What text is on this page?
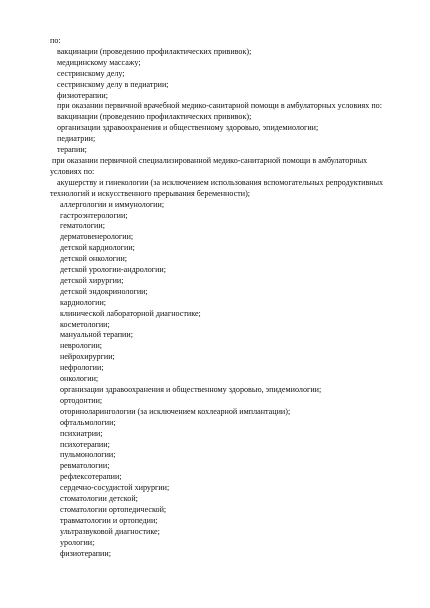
по:

вакцинации (проведению профилактических прививок);

медицинскому массажу;

сестринскому делу;

сестринскому делу в педиатрии;

физиотерапии;

при оказании первичной врачебной медико-санитарной помощи в амбулаторных условиях по:

вакцинации (проведению профилактических прививок);

организации здравоохранения и общественному здоровью, эпидемиологии;

педиатрии;

терапии;

при оказании первичной специализированной медико-санитарной помощи в амбулаторных

условиях по:

акушерству и гинекологии (за исключением использования вспомогательных репродуктивных

технологий и искусственного прерывания беременности);

аллергологии и иммунологии;

гастроэнтерологии;

гематологии;

дерматовенерологии;

детской кардиологии;

детской онкологии;

детской урологии-андрологии;

детской хирургии;

детской эндокринологии;

кардиологии;

клинической лабораторной диагностике;

косметологии;

мануальной терапии;

неврологии;

нейрохирургии;

нефрологии;

онкологии;

организации здравоохранения и общественному здоровью, эпидемиологии;

ортодонтии;

оториноларингологии (за исключением кохлеарной имплантации);

офтальмологии;

психиатрии;

психотерапии;

пульмонологии;

ревматологии;

рефлексотерапии;

сердечно-сосудистой хирургии;

стоматологии детской;

стоматологии ортопедической;

травматологии и ортопедии;

ультразвуковой диагностике;

урологии;

физиотерапии;
